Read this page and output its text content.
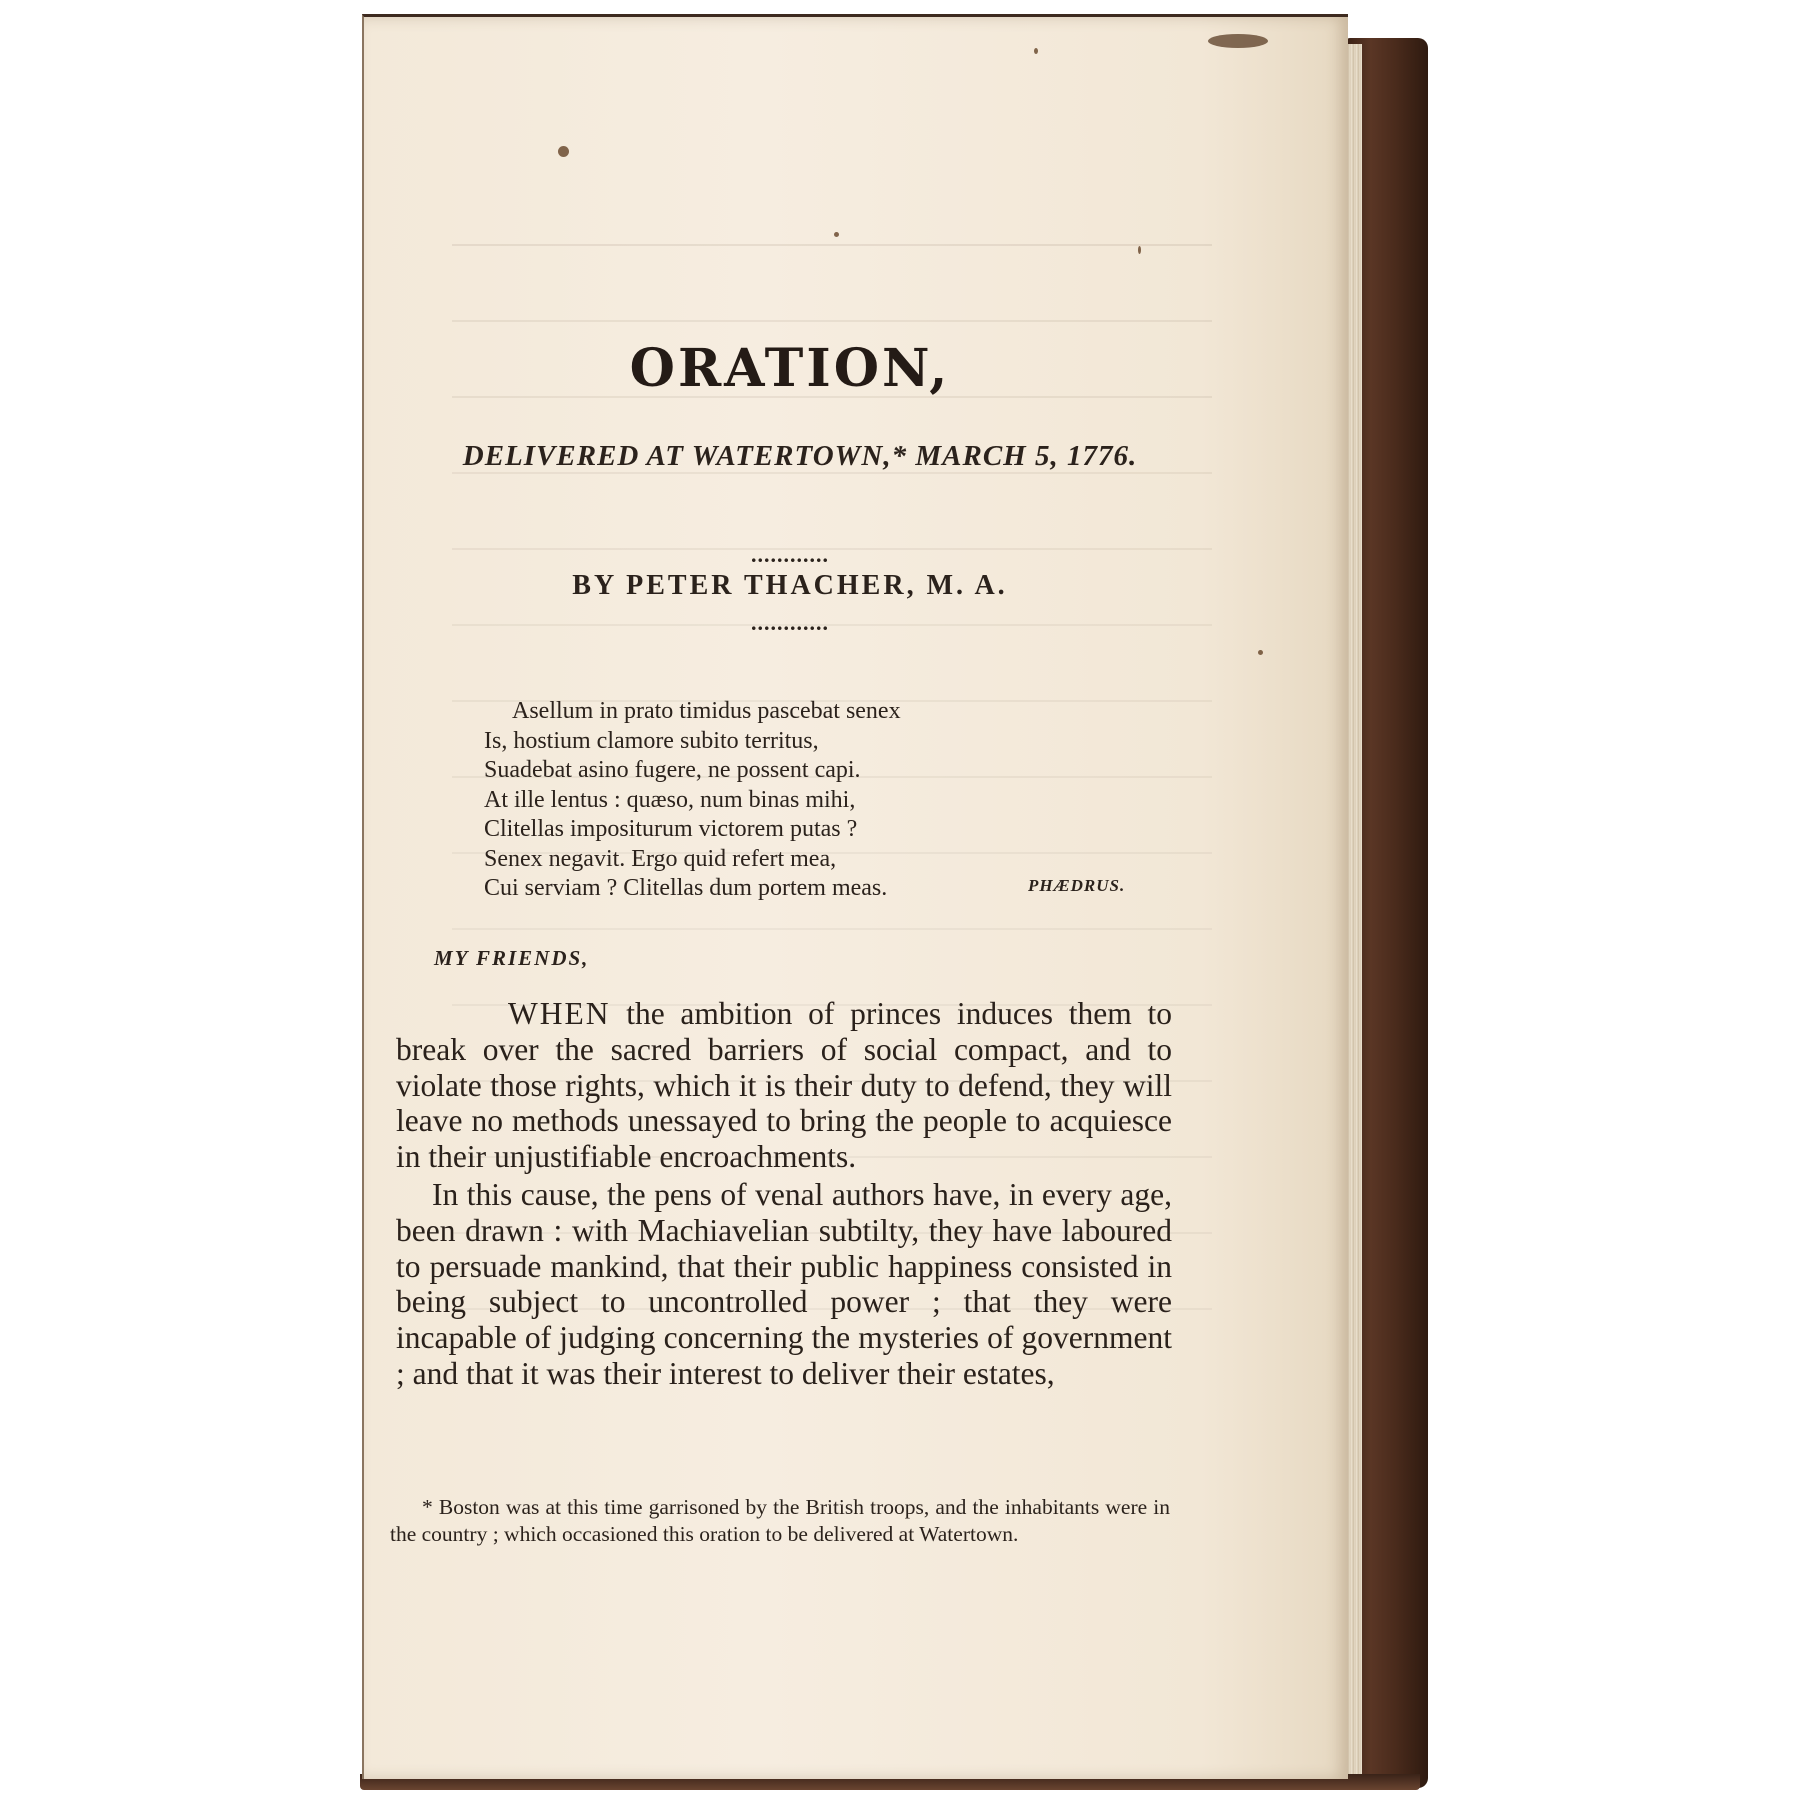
ORATION,
DELIVERED AT WATERTOWN,* MARCH 5, 1776.
............
BY PETER THACHER, M. A.
............
Asellum in prato timidus pascebat senex
Is, hostium clamore subito territus,
Suadebat asino fugere, ne possent capi.
At ille lentus : quæso, num binas mihi,
Clitellas impositurum victorem putas ?
Senex negavit. Ergo quid refert mea,
Cui serviam ? Clitellas dum portem meas.	PHÆDRUS.
MY FRIENDS,

WHEN the ambition of princes induces them to break over the sacred barriers of social compact, and to violate those rights, which it is their duty to defend, they will leave no methods unessayed to bring the people to acquiesce in their unjustifiable encroachments.

In this cause, the pens of venal authors have, in every age, been drawn : with Machiavelian subtilty, they have laboured to persuade mankind, that their public happiness consisted in being subject to uncontrolled power ; that they were incapable of judging concerning the mysteries of government ; and that it was their interest to deliver their estates,

* Boston was at this time garrisoned by the British troops, and the inhabitants were in the country ; which occasioned this oration to be delivered at Watertown.
